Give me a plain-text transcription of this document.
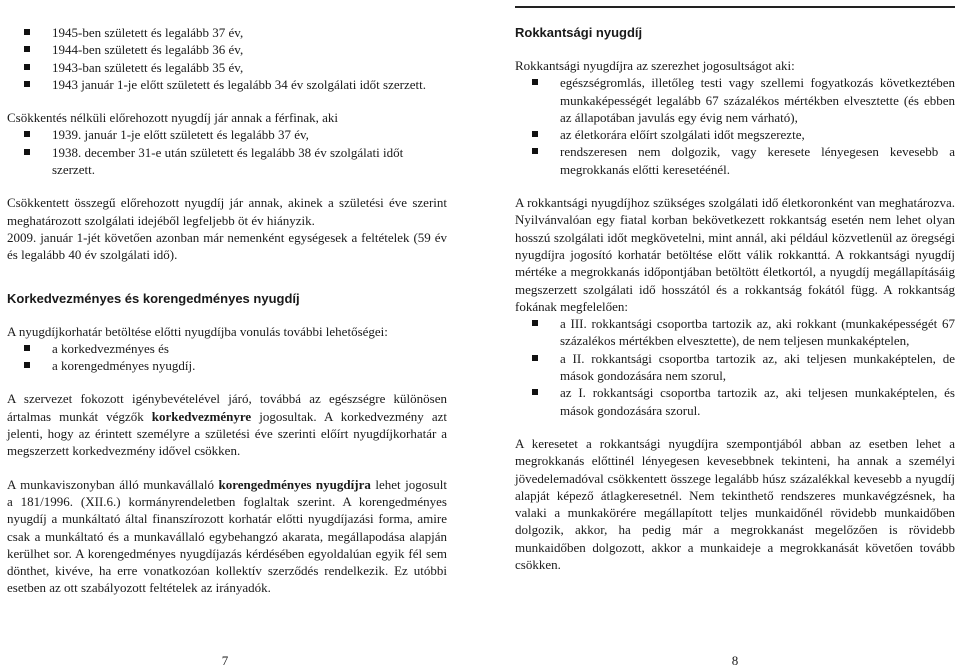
1945-ben született és legalább 37 év,
1944-ben született és legalább 36 év,
1943-ban született és legalább 35 év,
1943 január 1-je előtt született és legalább 34 év szolgálati időt szerzett.

Csökkentés nélküli előrehozott nyugdíj jár annak a férfinak, aki

1939. január 1-je előtt született és legalább 37 év,
1938. december 31-e után született és legalább 38 év szolgálati időt szerzett.

Csökkentett összegű előrehozott nyugdíj jár annak, akinek a születési éve szerint meghatározott szolgálati idejéből legfeljebb öt év hiányzik.

2009. január 1-jét követően azonban már nemenként egységesek a feltételek (59 év és legalább 40 év szolgálati idő).

Korkedvezményes és korengedményes nyugdíj

A nyugdíjkorhatár betöltése előtti nyugdíjba vonulás további lehetőségei:

a korkedvezményes és
a korengedményes nyugdíj.

A szervezet fokozott igénybevételével járó, továbbá az egészségre különösen ártalmas munkát végzők korkedvezményre jogosultak. A korkedvezmény azt jelenti, hogy az érintett személyre a születési éve szerinti előírt nyugdíjkorhatár a megszerzett korkedvezmény idővel csökken.

A munkaviszonyban álló munkavállaló korengedményes nyugdíjra lehet jogosult a 181/1996. (XII.6.) kormányrendeletben foglaltak szerint. A korengedményes nyugdíj a munkáltató által finanszírozott korhatár előtti nyugdíjazási forma, amire csak a munkáltató és a munkavállaló egybehangzó akarata, megállapodása alapján kerülhet sor. A korengedményes nyugdíjazás kérdésében egyoldalúan egyik fél sem dönthet, kivéve, ha erre vonatkozóan kollektív szerződés rendelkezik. Ez utóbbi esetben az ott szabályozott feltételek az irányadók.

7

Rokkantsági nyugdíj

Rokkantsági nyugdíjra az szerezhet jogosultságot aki:

egészségromlás, illetőleg testi vagy szellemi fogyatkozás következtében munkaképességét legalább 67 százalékos mértékben elvesztette (és ebben az állapotában javulás egy évig nem várható),
az életkorára előírt szolgálati időt megszerezte,
rendszeresen nem dolgozik, vagy keresete lényegesen kevesebb a megrokkanás előtti keresetéénél.

A rokkantsági nyugdíjhoz szükséges szolgálati idő életkoronként van meghatározva. Nyilvánvalóan egy fiatal korban bekövetkezett rokkantság esetén nem lehet olyan hosszú szolgálati időt megkövetelni, mint annál, aki például közvetlenül az öregségi nyugdíjra jogosító korhatár betöltése előtt válik rokkanttá. A rokkantsági nyugdíj mértéke a megrokkanás időpontjában betöltött életkortól, a nyugdíj megállapításáig megszerzett szolgálati idő hosszától és a rokkantság fokától függ. A rokkantság fokának megfelelően:

a III. rokkantsági csoportba tartozik az, aki rokkant (munkaképességét 67 százalékos mértékben elvesztette), de nem teljesen munkaképtelen,
a II. rokkantsági csoportba tartozik az, aki teljesen munkaképtelen, de mások gondozására nem szorul,
az I. rokkantsági csoportba tartozik az, aki teljesen munkaképtelen, és mások gondozására szorul.

A keresetet a rokkantsági nyugdíjra szempontjából abban az esetben lehet a megrokkanás előttinél lényegesen kevesebbnek tekinteni, ha annak a személyi jövedelemadóval csökkentett összege legalább húsz százalékkal kevesebb a nyugdíj alapját képező átlagkeresetnél. Nem tekinthető rendszeres munkavégzésnek, ha valaki a munkakörére megállapított teljes munkaidőnél rövidebb munkaidőben dolgozik, akkor, ha pedig már a megrokkanást megelőzően is rövidebb munkaidőben dolgozott, akkor a munkaideje a megrokkanását követően tovább csökken.

8
